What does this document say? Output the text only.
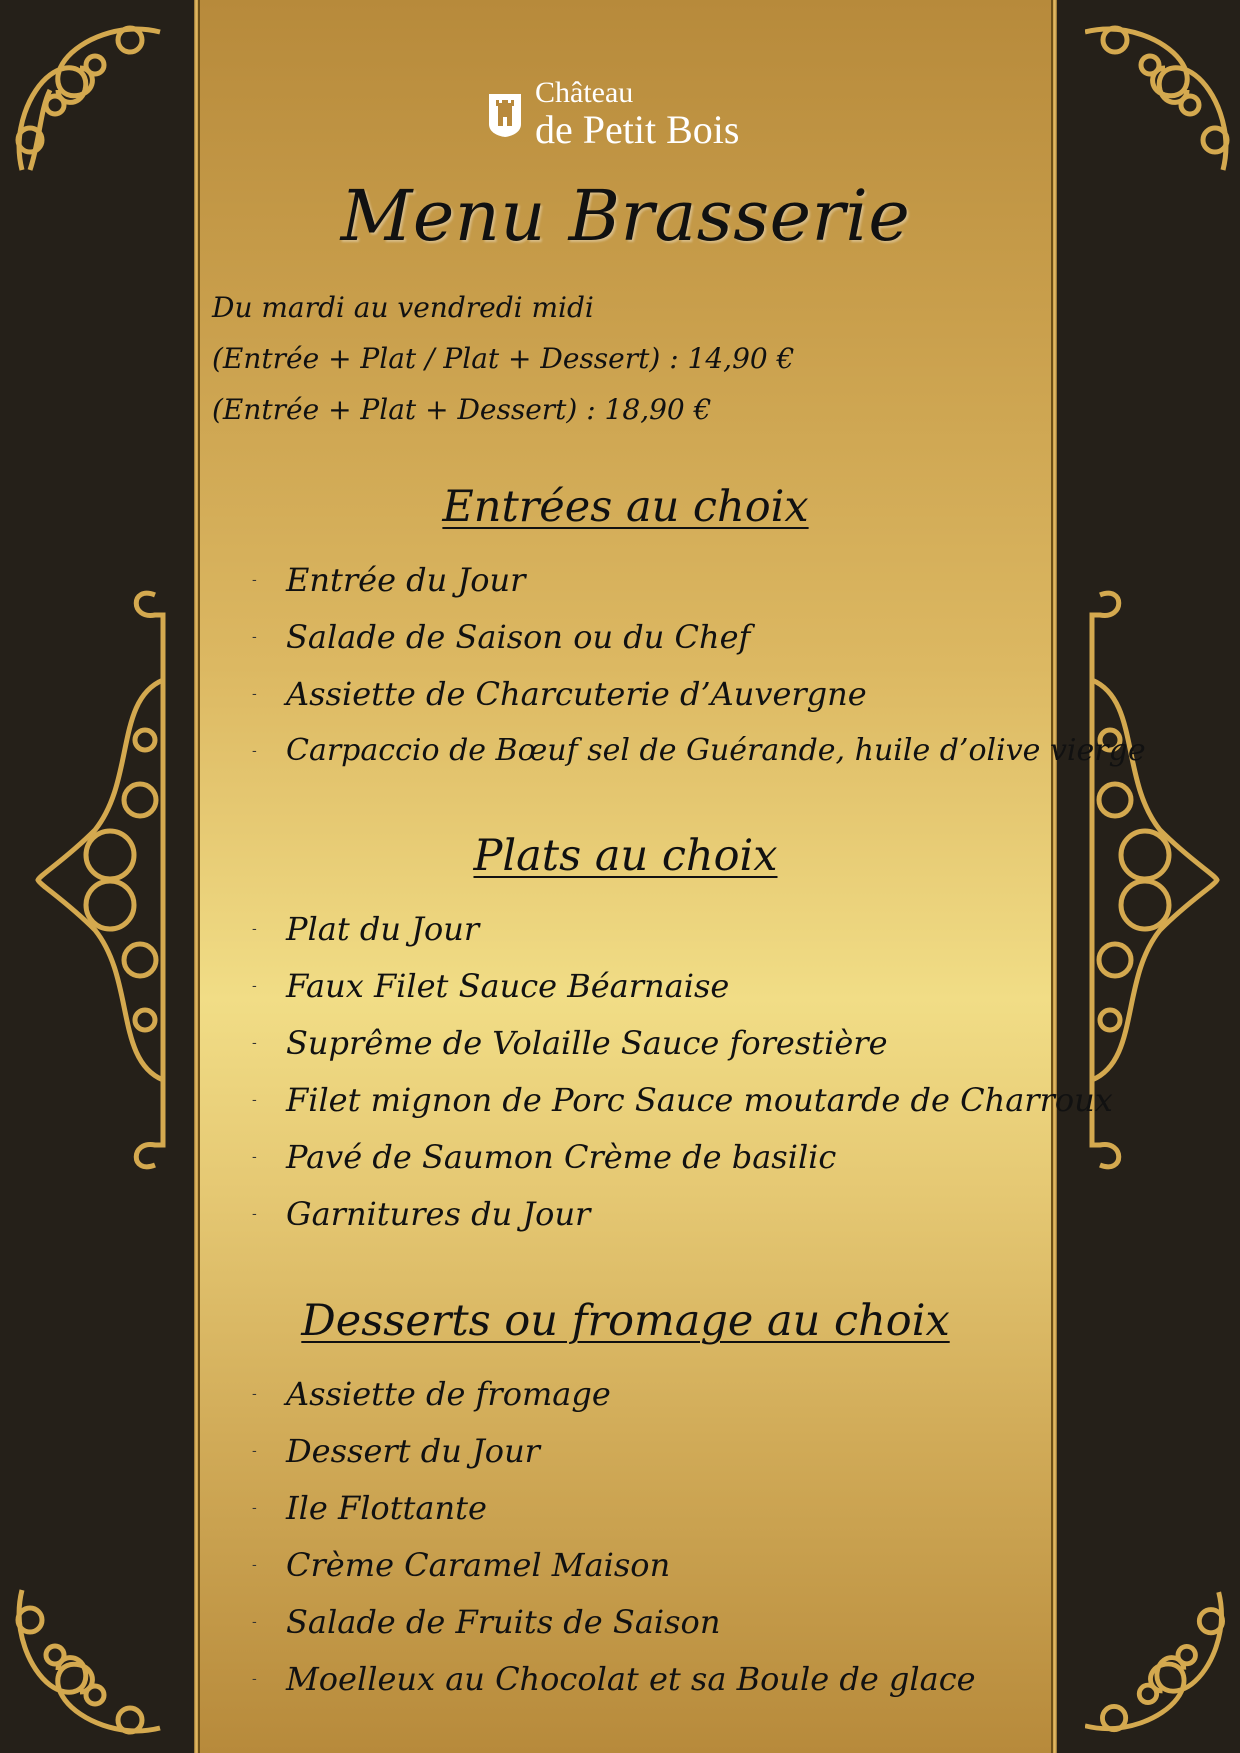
Château
de Petit Bois
Menu Brasserie
Du mardi au vendredi midi
(Entrée + Plat / Plat + Dessert) : 14,90 €
(Entrée + Plat + Dessert) : 18,90 €
Entrées au choix
- Entrée du Jour
- Salade de Saison ou du Chef
- Assiette de Charcuterie d’Auvergne
- Carpaccio de Bœuf sel de Guérande, huile d’olive vierge
Plats au choix
- Plat du Jour
- Faux Filet Sauce Béarnaise
- Suprême de Volaille Sauce forestière
- Filet mignon de Porc Sauce moutarde de Charroux
- Pavé de Saumon Crème de basilic
- Garnitures du Jour
Desserts ou fromage au choix
- Assiette de fromage
- Dessert du Jour
- Ile Flottante
- Crème Caramel Maison
- Salade de Fruits de Saison
- Moelleux au Chocolat et sa Boule de glace
